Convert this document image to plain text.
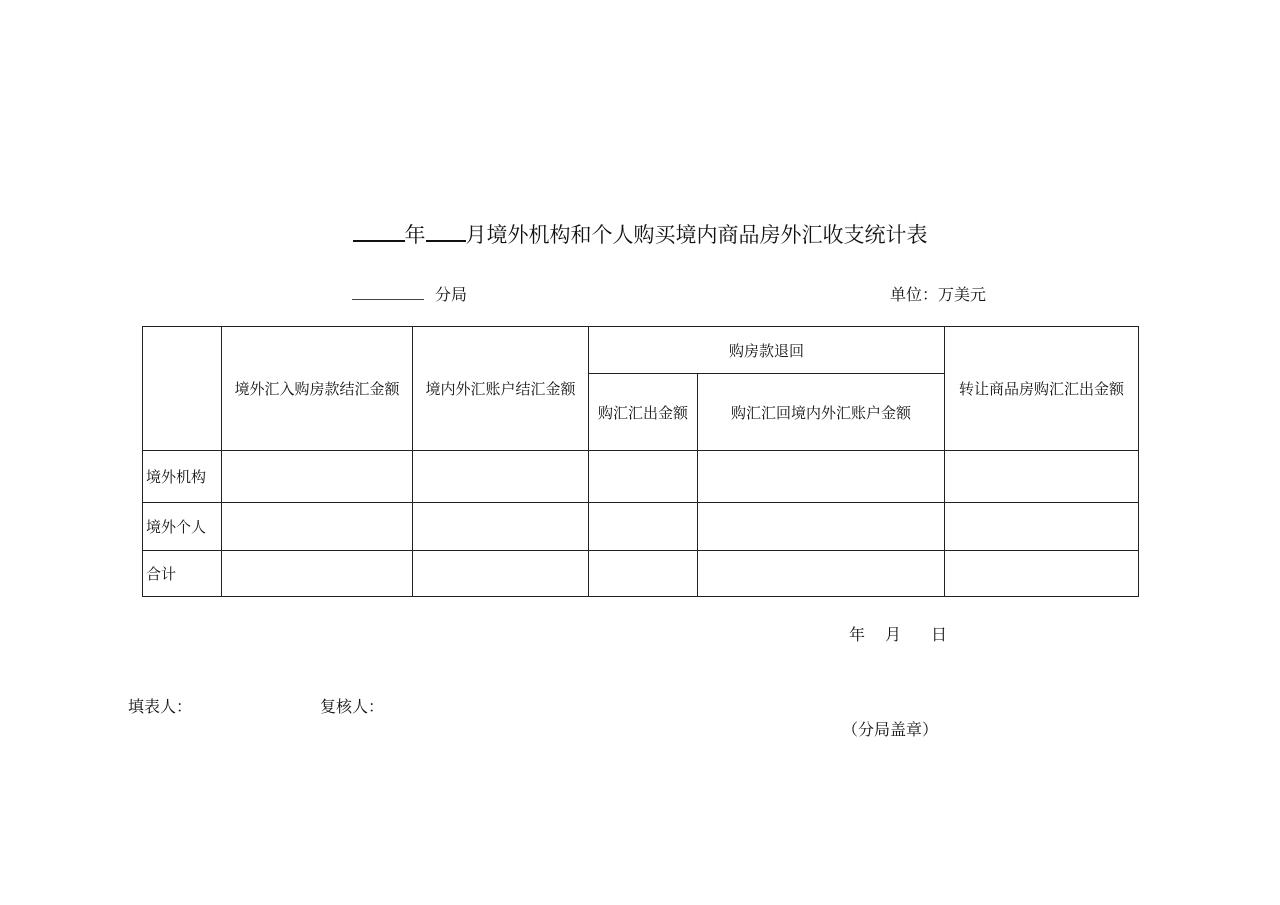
年 月境外机构和个人购买境内商品房外汇收支统计表
分局	单位：万美元
	境外汇入购房款结汇金额	境内外汇账户结汇金额	购房款退回		转让商品房购汇汇出金额
			购汇汇出金额	购汇汇回境内外汇账户金额	
境外机构					
境外个人					
合计					
年 月 日
填表人：	复核人：
（分局盖章）
